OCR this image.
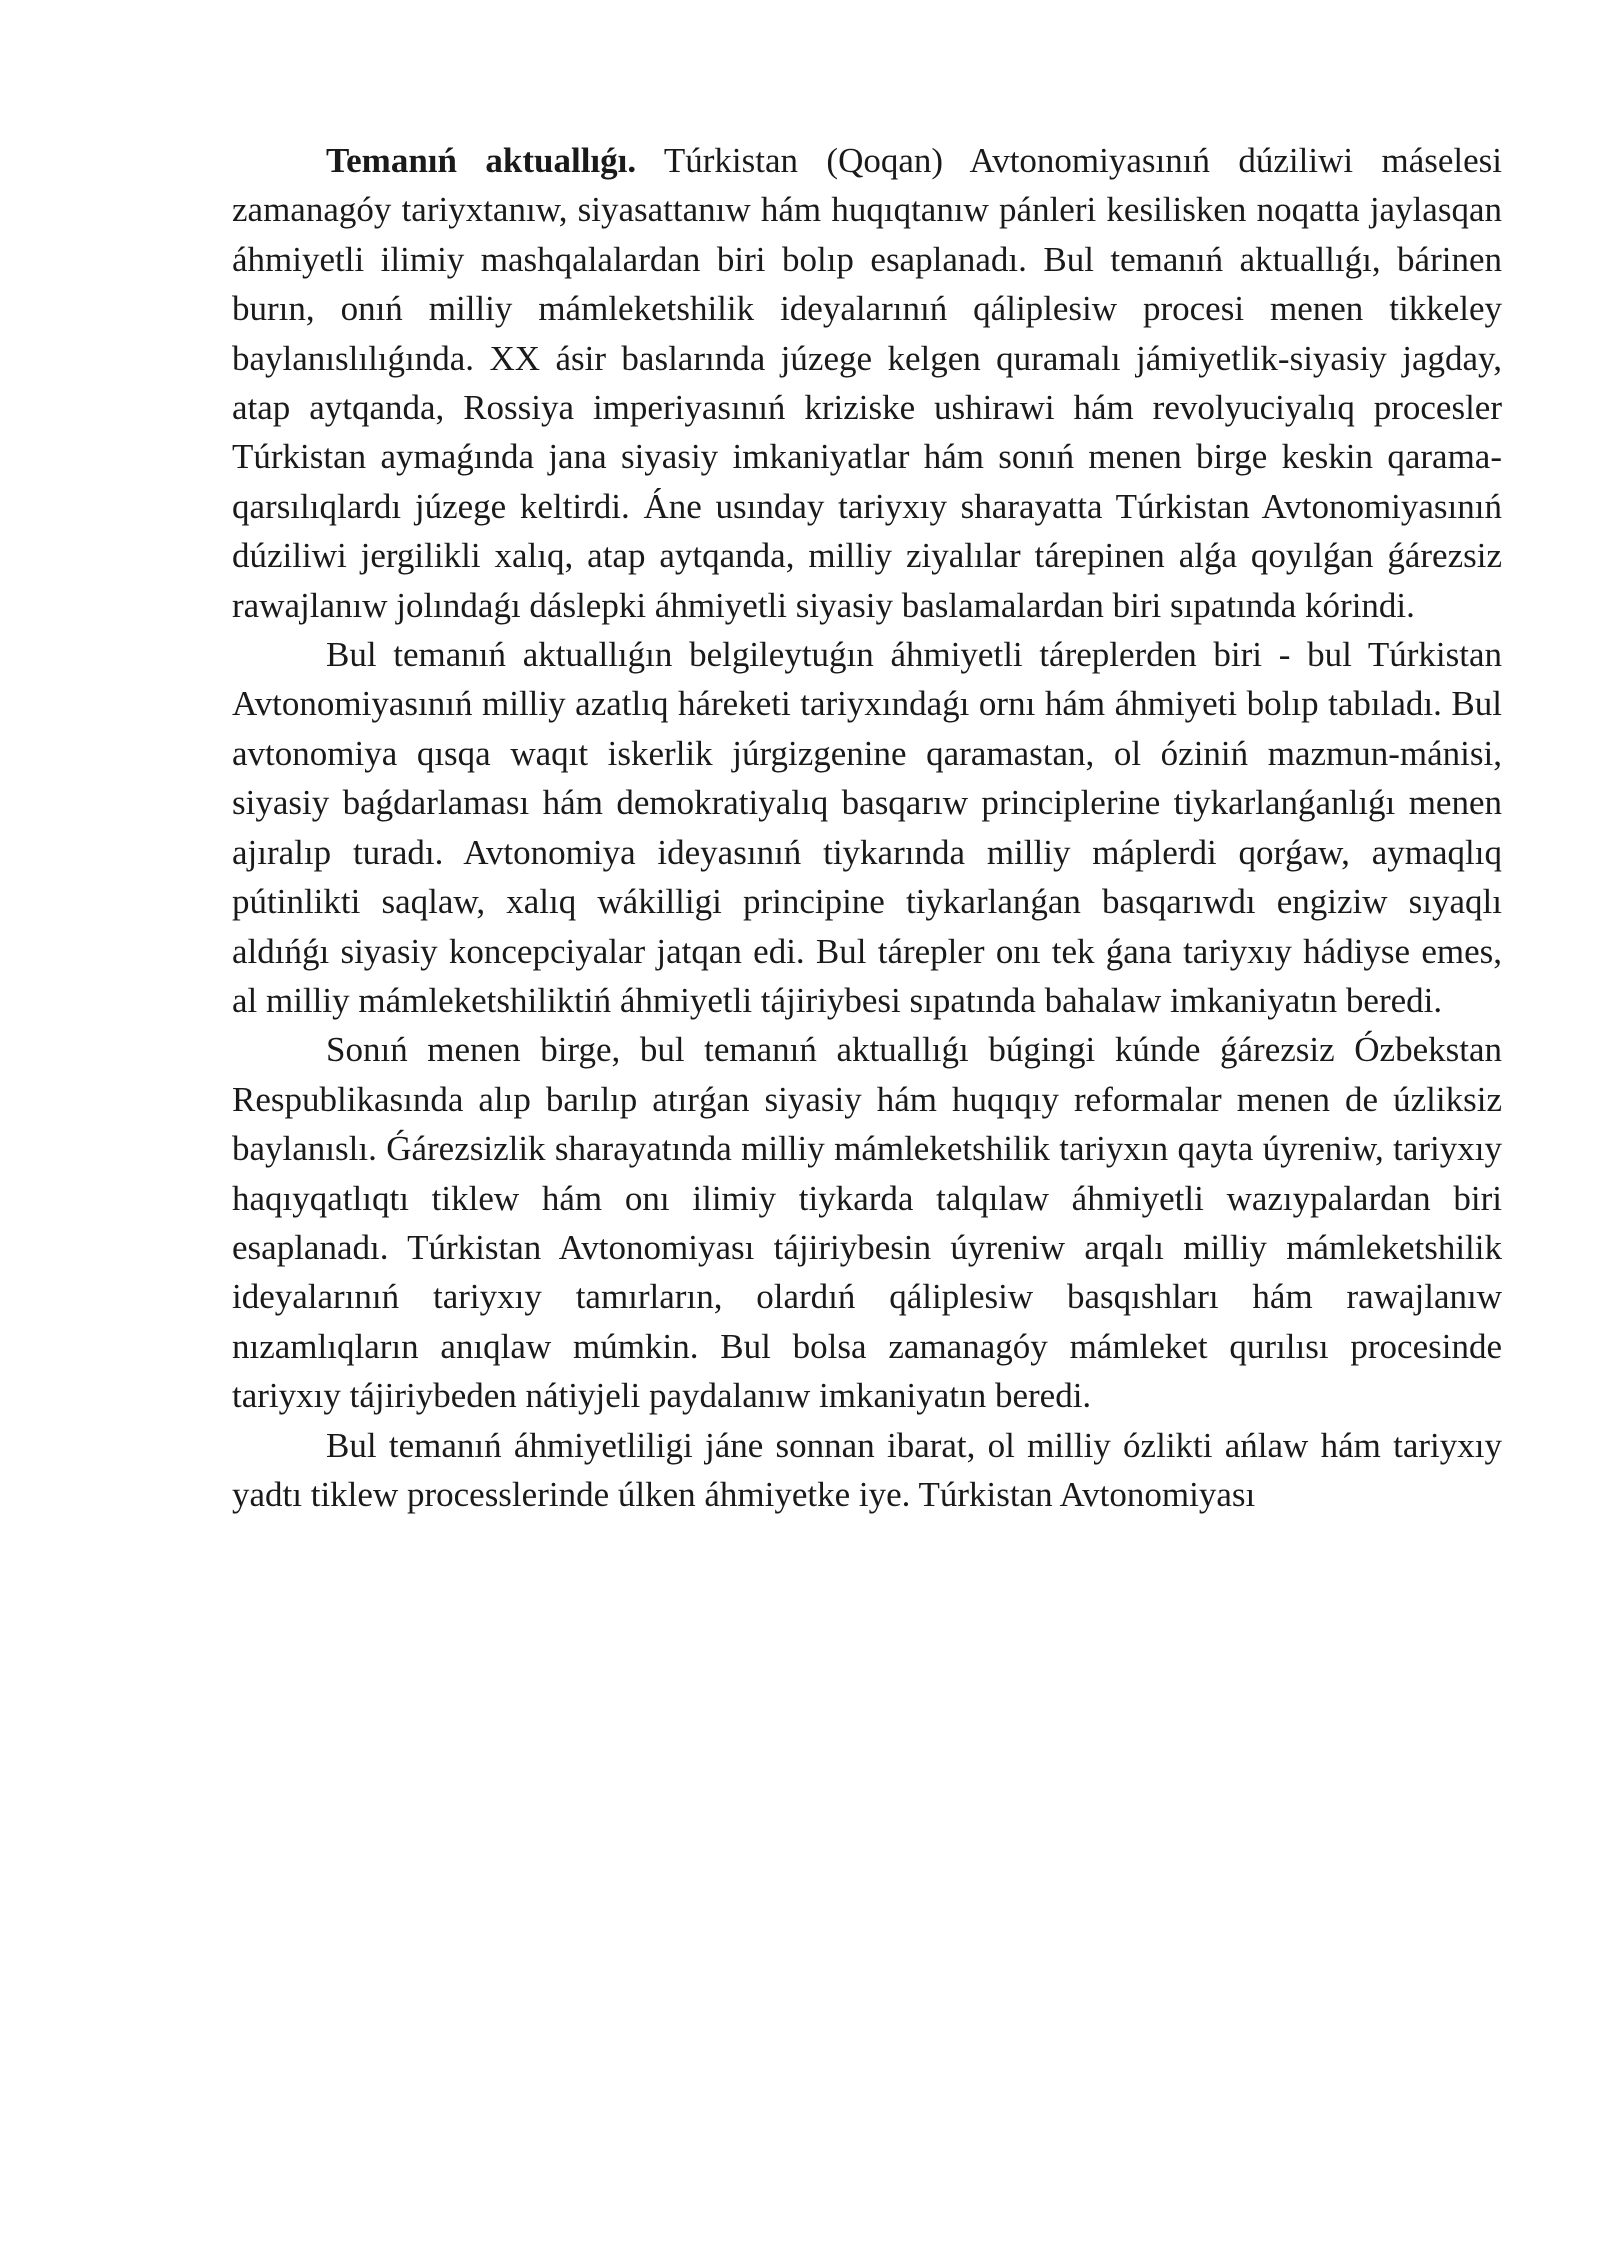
Temanıń aktuallıǵı. Túrkistan (Qoqan) Avtonomiyasınıń dúziliwi máselesi zamanagóy tariyxtanıw, siyasattanıw hám huqıqtanıw pánleri kesilisken noqatta jaylasqan áhmiyetli ilimiy mashqalalardan biri bolıp esaplanadı. Bul temanıń aktuallıǵı, bárinen burın, onıń milliy mámleketshilik ideyalarınıń qáliplesiw procesi menen tikkeley baylanıslılıǵında. XX ásir baslarında júzege kelgen quramalı jámiyetlik-siyasiy jagday, atap aytqanda, Rossiya imperiyasınıń kriziske ushirawi hám revolyuciyalıq procesler Túrkistan aymaǵında jana siyasiy imkaniyatlar hám sonıń menen birge keskin qarama-qarsılıqlardı júzege keltirdi. Áne usınday tariyxıy sharayatta Túrkistan Avtonomiyasınıń dúziliwi jergilikli xalıq, atap aytqanda, milliy ziyalılar tárepinen alǵa qoyılǵan ǵárezsiz rawajlanıw jolındaǵı dáslepki áhmiyetli siyasiy baslamalardan biri sıpatında kórindi.

Bul temanıń aktuallıǵın belgileytuǵın áhmiyetli táreplerden biri - bul Túrkistan Avtonomiyasınıń milliy azatlıq háreketi tariyxındaǵı ornı hám áhmiyeti bolıp tabıladı. Bul avtonomiya qısqa waqıt iskerlik júrgizgenine qaramastan, ol óziniń mazmun-mánisi, siyasiy baǵdarlaması hám demokratiyalıq basqarıw principlerine tiykarlanǵanlıǵı menen ajıralıp turadı. Avtonomiya ideyasınıń tiykarında milliy máplerdi qorǵaw, aymaqlıq pútinlikti saqlaw, xalıq wákilligi principine tiykarlanǵan basqarıwdı engiziw sıyaqlı aldıńǵı siyasiy koncepciyalar jatqan edi. Bul tárepler onı tek ǵana tariyxıy hádiyse emes, al milliy mámleketshiliktiń áhmiyetli tájiriybesi sıpatında bahalaw imkaniyatın beredi.

Sonıń menen birge, bul temanıń aktuallıǵı búgingi kúnde ǵárezsiz Ózbekstan Respublikasında alıp barılıp atırǵan siyasiy hám huqıqıy reformalar menen de úzliksiz baylanıslı. Ǵárezsizlik sharayatında milliy mámleketshilik tariyxın qayta úyreniw, tariyxıy haqıyqatlıqtı tiklew hám onı ilimiy tiykarda talqılaw áhmiyetli wazıypalardan biri esaplanadı. Túrkistan Avtonomiyası tájiriybesin úyreniw arqalı milliy mámleketshilik ideyalarınıń tariyxıy tamırların, olardıń qáliplesiw basqıshları hám rawajlanıw nızamlıqların anıqlaw múmkin. Bul bolsa zamanagóy mámleket qurılısı procesinde tariyxıy tájiriybeden nátiyjeli paydalanıw imkaniyatın beredi.

Bul temanıń áhmiyetliligi jáne sonnan ibarat, ol milliy ózlikti ańlaw hám tariyxıy yadtı tiklew processlerinde úlken áhmiyetke iye. Túrkistan Avtonomiyası
